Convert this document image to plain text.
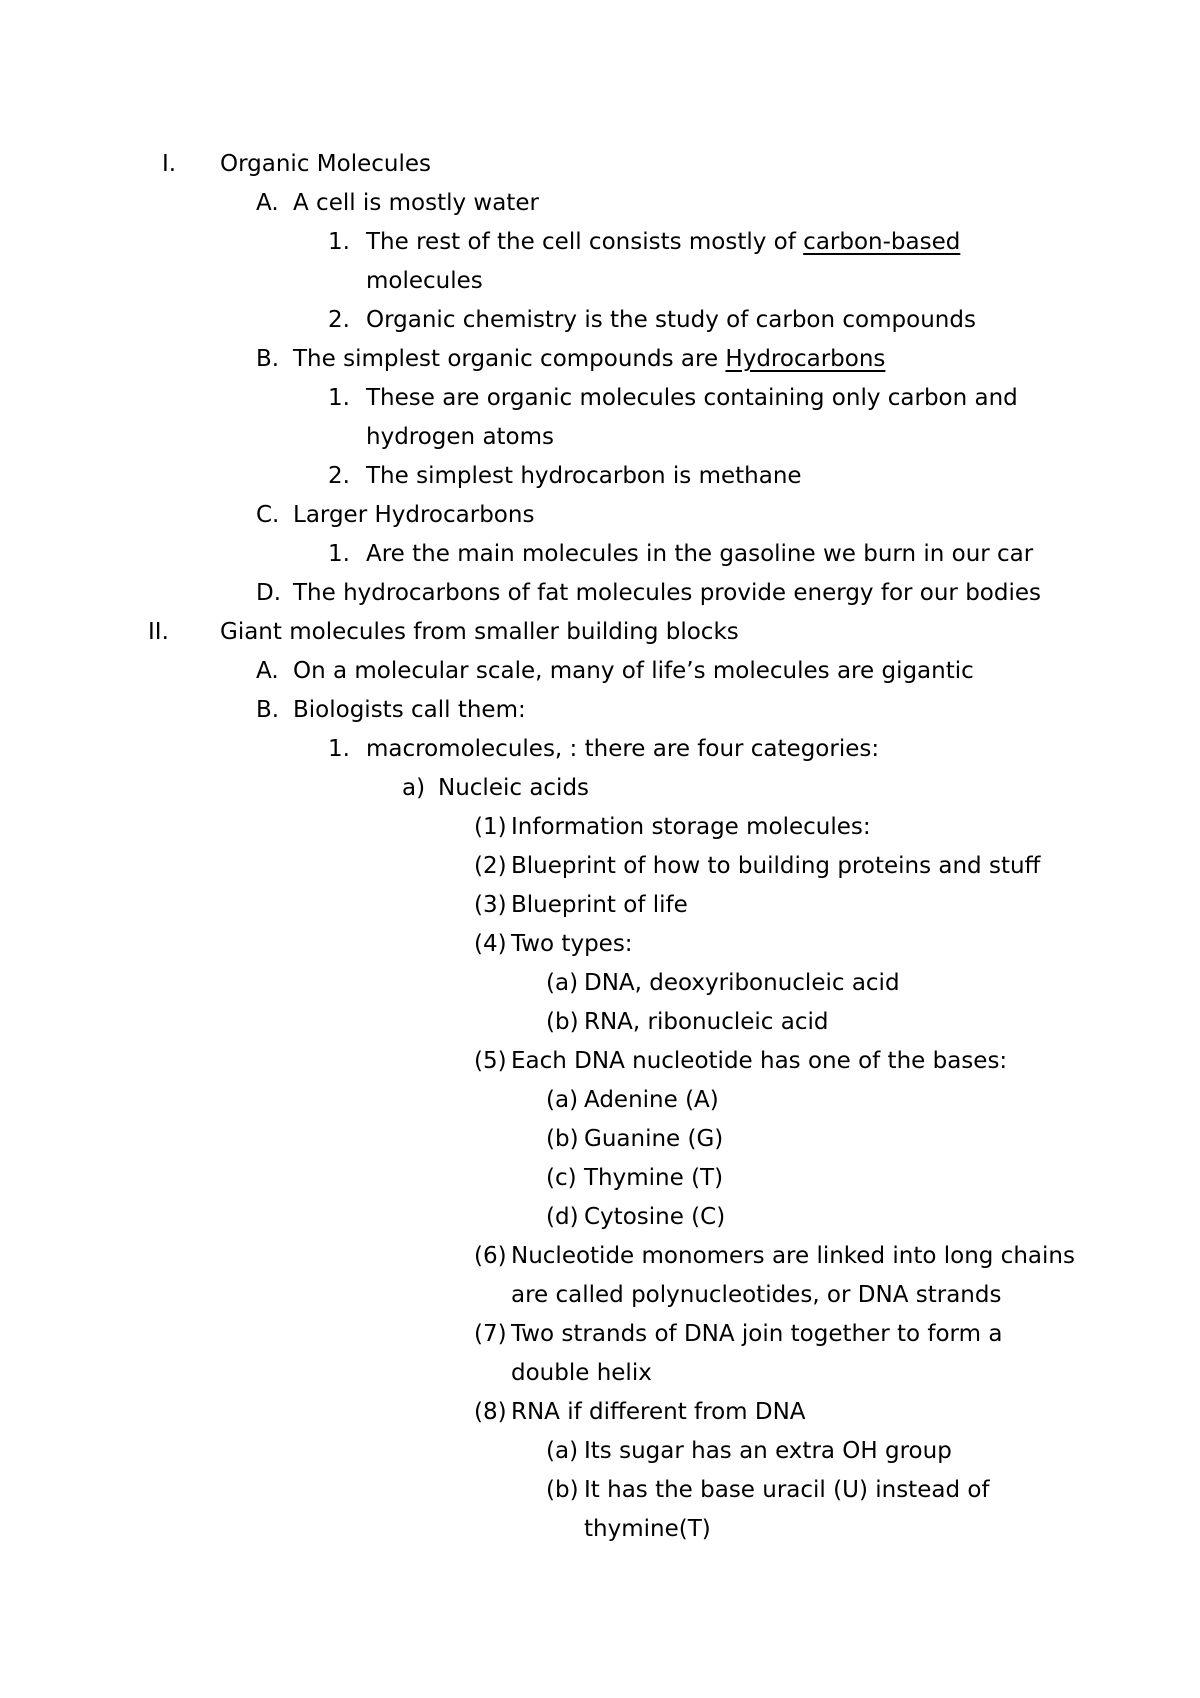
I. Organic Molecules
A. A cell is mostly water
1. The rest of the cell consists mostly of carbon-based
molecules
2. Organic chemistry is the study of carbon compounds
B. The simplest organic compounds are Hydrocarbons
1. These are organic molecules containing only carbon and
hydrogen atoms
2. The simplest hydrocarbon is methane
C. Larger Hydrocarbons
1. Are the main molecules in the gasoline we burn in our car
D. The hydrocarbons of fat molecules provide energy for our bodies
II. Giant molecules from smaller building blocks
A. On a molecular scale, many of life’s molecules are gigantic
B. Biologists call them:
1. macromolecules, : there are four categories:
a) Nucleic acids
(1) Information storage molecules:
(2) Blueprint of how to building proteins and stuff
(3) Blueprint of life
(4) Two types:
(a) DNA, deoxyribonucleic acid
(b) RNA, ribonucleic acid
(5) Each DNA nucleotide has one of the bases:
(a) Adenine (A)
(b) Guanine (G)
(c) Thymine (T)
(d) Cytosine (C)
(6) Nucleotide monomers are linked into long chains
are called polynucleotides, or DNA strands
(7) Two strands of DNA join together to form a
double helix
(8) RNA if different from DNA
(a) Its sugar has an extra OH group
(b) It has the base uracil (U) instead of
thymine(T)
